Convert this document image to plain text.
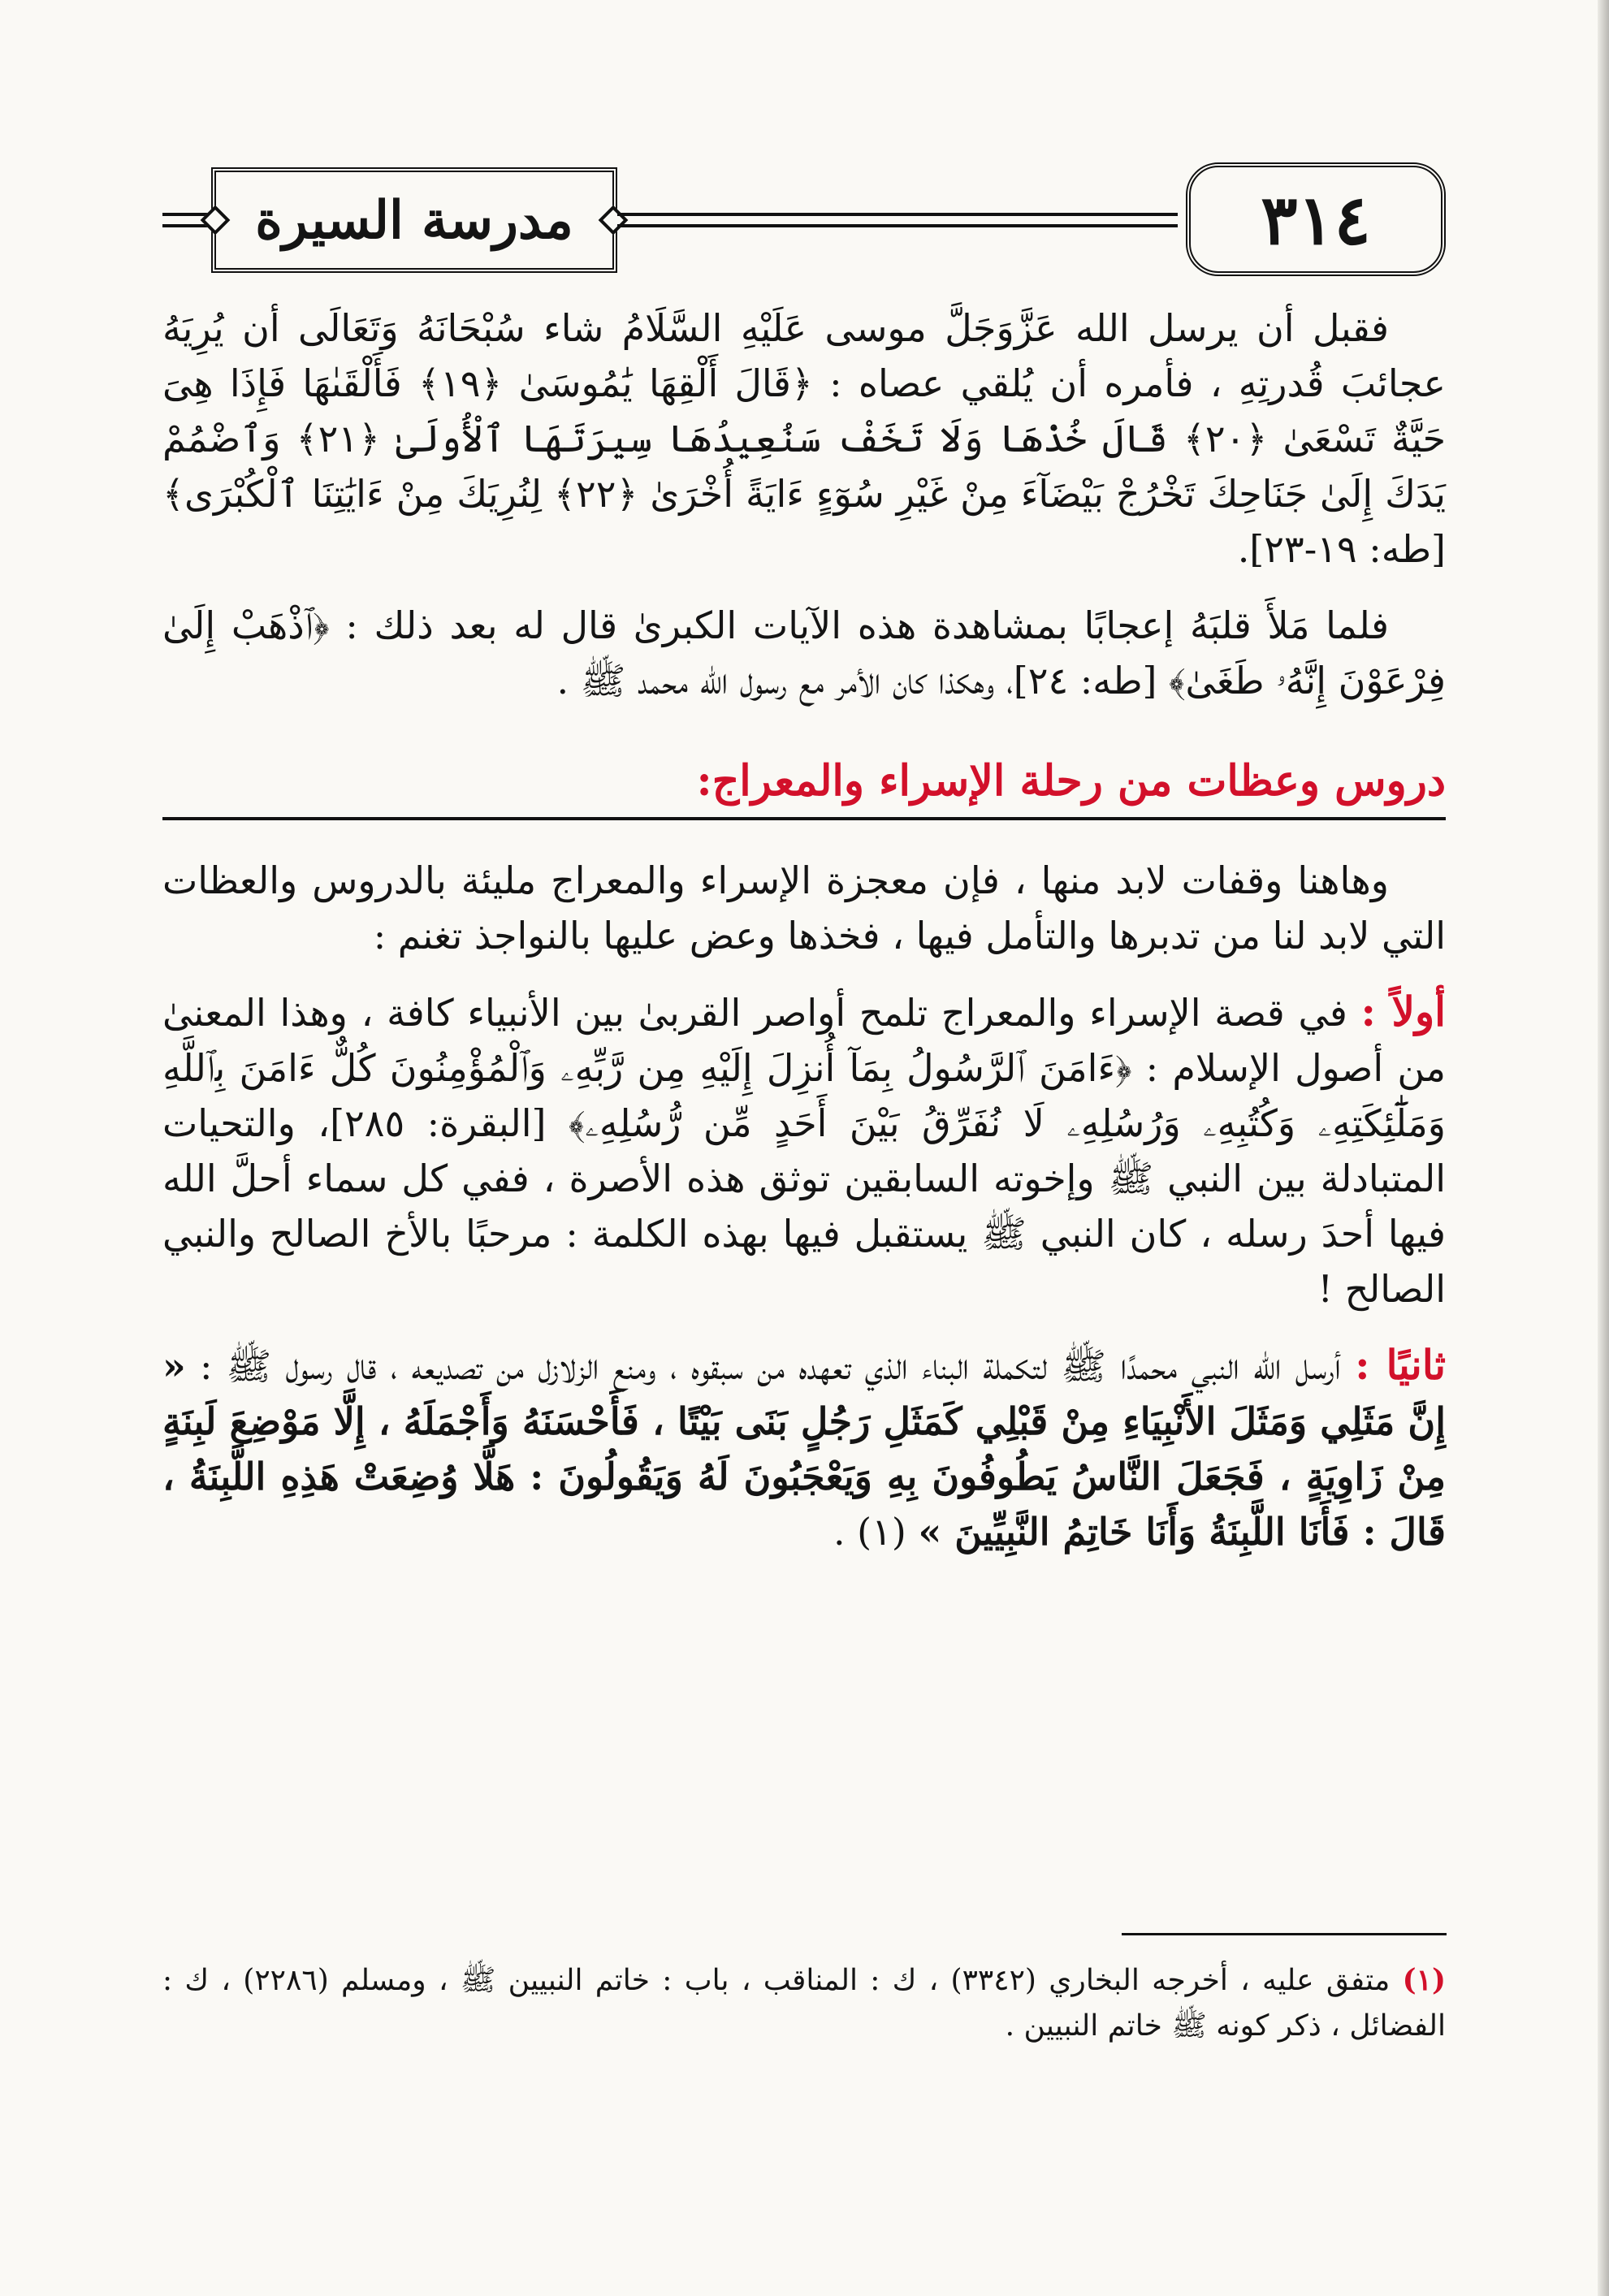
مدرسة السيرة	٣١٤

فقبل أن يرسل الله عَزَّوَجَلَّ موسى عَلَيْهِ السَّلَامُ شاء سُبْحَانَهُ وَتَعَالَى أن يُرِيَهُ عجائبَ قُدرتِهِ ، فأمره أن يُلقي عصاه : ﴿قَالَ أَلْقِهَا يَٰمُوسَىٰ ﴿١٩﴾ فَأَلْقَىٰهَا فَإِذَا هِىَ حَيَّةٌ تَسْعَىٰ ﴿٢٠﴾ قَالَ خُذْهَا وَلَا تَخَفْ سَنُعِيدُهَا سِيرَتَهَا ٱلْأُولَىٰ ﴿٢١﴾ وَٱضْمُمْ يَدَكَ إِلَىٰ جَنَاحِكَ تَخْرُجْ بَيْضَآءَ مِنْ غَيْرِ سُوٓءٍ ءَايَةً أُخْرَىٰ ﴿٢٢﴾ لِنُرِيَكَ مِنْ ءَايَٰتِنَا ٱلْكُبْرَى﴾ [طه: ١٩-٢٣].

فلما مَلأَ قلبَهُ إعجابًا بمشاهدة هذه الآيات الكبرىٰ قال له بعد ذلك : ﴿ٱذْهَبْ إِلَىٰ فِرْعَوْنَ إِنَّهُۥ طَغَىٰ﴾ [طه: ٢٤]، وهكذا كان الأمر مع رسول الله محمد ﷺ .

دروس وعظات من رحلة الإسراء والمعراج:

وهاهنا وقفات لابد منها ، فإن معجزة الإسراء والمعراج مليئة بالدروس والعظات التي لابد لنا من تدبرها والتأمل فيها ، فخذها وعض عليها بالنواجذ تغنم :

أولاً : في قصة الإسراء والمعراج تلمح أواصر القربىٰ بين الأنبياء كافة ، وهذا المعنىٰ من أصول الإسلام : ﴿ءَامَنَ ٱلرَّسُولُ بِمَآ أُنزِلَ إِلَيْهِ مِن رَّبِّهِۦ وَٱلْمُؤْمِنُونَ كُلٌّ ءَامَنَ بِٱللَّهِ وَمَلَٰٓئِكَتِهِۦ وَكُتُبِهِۦ وَرُسُلِهِۦ لَا نُفَرِّقُ بَيْنَ أَحَدٍ مِّن رُّسُلِهِۦ﴾ [البقرة: ٢٨٥]، والتحيات المتبادلة بين النبي ﷺ وإخوته السابقين توثق هذه الأصرة ، ففي كل سماء أحلَّ الله فيها أحدَ رسله ، كان النبي ﷺ يستقبل فيها بهذه الكلمة : مرحبًا بالأخ الصالح والنبي الصالح !

ثانيًا : أرسل الله النبي محمدًا ﷺ لتكملة البناء الذي تعهده من سبقوه ، ومنع الزلازل من تصديعه ، قال رسول ﷺ : « إِنَّ مَثَلِي وَمَثَلَ الأَنْبِيَاءِ مِنْ قَبْلِي كَمَثَلِ رَجُلٍ بَنَى بَيْتًا ، فَأَحْسَنَهُ وَأَجْمَلَهُ ، إِلَّا مَوْضِعَ لَبِنَةٍ مِنْ زَاوِيَةٍ ، فَجَعَلَ النَّاسُ يَطُوفُونَ بِهِ وَيَعْجَبُونَ لَهُ وَيَقُولُونَ : هَلَّا وُضِعَتْ هَذِهِ اللَّبِنَةُ ، قَالَ : فَأَنَا اللَّبِنَةُ وَأَنَا خَاتِمُ النَّبِيِّينَ » (١) .

(١) متفق عليه ، أخرجه البخاري (٣٣٤٢) ، ك : المناقب ، باب : خاتم النبيين ﷺ ، ومسلم (٢٢٨٦) ، ك : الفضائل ، ذكر كونه ﷺ خاتم النبيين .
